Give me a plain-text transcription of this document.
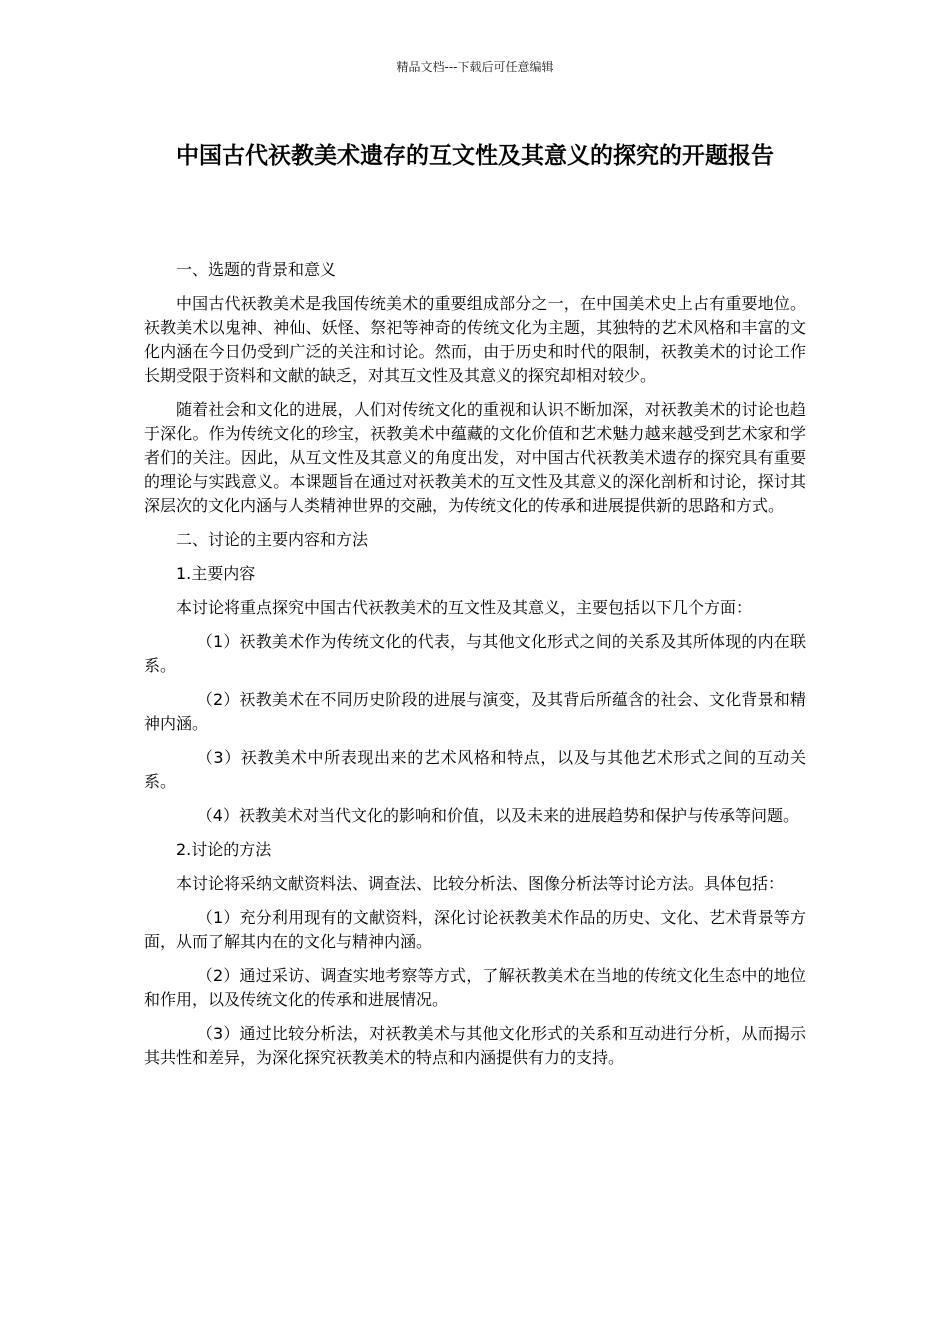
精品文档---下载后可任意编辑
中国古代祆教美术遗存的互文性及其意义的探究的开题报告

一、选题的背景和意义

中国古代祆教美术是我国传统美术的重要组成部分之一，在中国美术史上占有重要地位。祆教美术以鬼神、神仙、妖怪、祭祀等神奇的传统文化为主题，其独特的艺术风格和丰富的文化内涵在今日仍受到广泛的关注和讨论。然而，由于历史和时代的限制，祆教美术的讨论工作长期受限于资料和文献的缺乏，对其互文性及其意义的探究却相对较少。

随着社会和文化的进展，人们对传统文化的重视和认识不断加深，对祆教美术的讨论也趋于深化。作为传统文化的珍宝，祆教美术中蕴藏的文化价值和艺术魅力越来越受到艺术家和学者们的关注。因此，从互文性及其意义的角度出发，对中国古代祆教美术遗存的探究具有重要的理论与实践意义。本课题旨在通过对祆教美术的互文性及其意义的深化剖析和讨论，探讨其深层次的文化内涵与人类精神世界的交融，为传统文化的传承和进展提供新的思路和方式。

二、讨论的主要内容和方法

1.主要内容

本讨论将重点探究中国古代祆教美术的互文性及其意义，主要包括以下几个方面：

（1）祆教美术作为传统文化的代表，与其他文化形式之间的关系及其所体现的内在联系。

（2）祆教美术在不同历史阶段的进展与演变，及其背后所蕴含的社会、文化背景和精神内涵。

（3）祆教美术中所表现出来的艺术风格和特点，以及与其他艺术形式之间的互动关系。

（4）祆教美术对当代文化的影响和价值，以及未来的进展趋势和保护与传承等问题。

2.讨论的方法

本讨论将采纳文献资料法、调查法、比较分析法、图像分析法等讨论方法。具体包括：

（1）充分利用现有的文献资料，深化讨论祆教美术作品的历史、文化、艺术背景等方面，从而了解其内在的文化与精神内涵。

（2）通过采访、调查实地考察等方式，了解祆教美术在当地的传统文化生态中的地位和作用，以及传统文化的传承和进展情况。

（3）通过比较分析法，对祆教美术与其他文化形式的关系和互动进行分析，从而揭示其共性和差异，为深化探究祆教美术的特点和内涵提供有力的支持。
